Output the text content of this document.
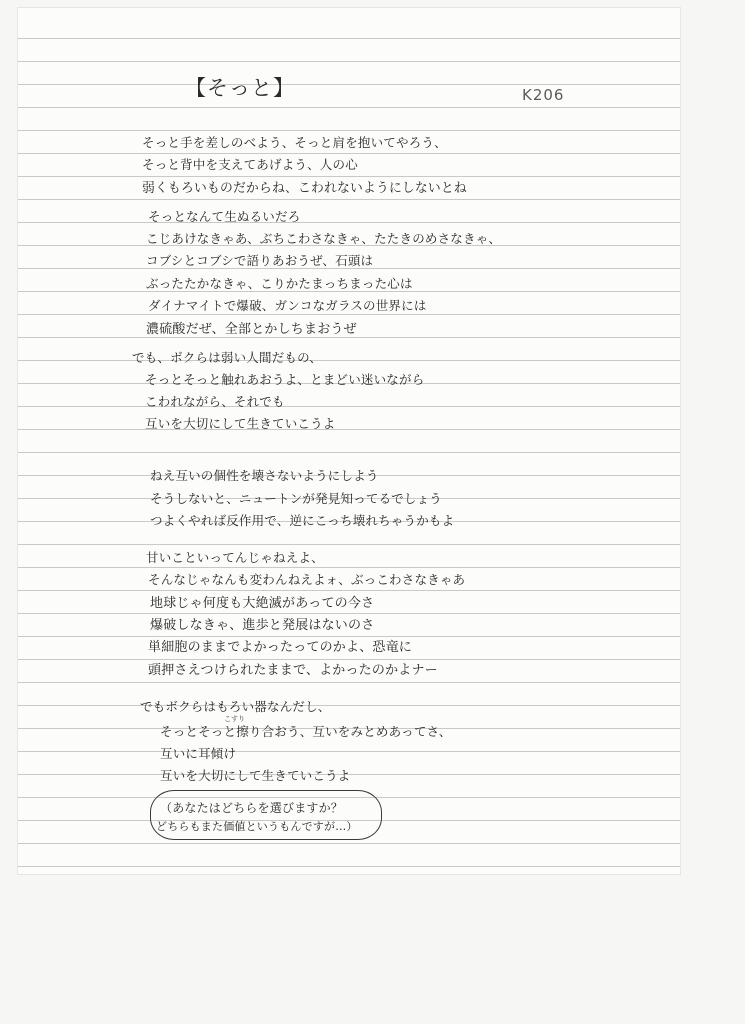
【そっと】	K206
そっと手を差しのべよう、そっと肩を抱いてやろう、
そっと背中を支えてあげよう、人の心
弱くもろいものだからね、こわれないようにしないとね
そっとなんて生ぬるいだろ
こじあけなきゃあ、ぶちこわさなきゃ、たたきのめさなきゃ、
コブシとコブシで語りあおうぜ、石頭は
ぶったたかなきゃ、こりかたまっちまった心は
ダイナマイトで爆破、ガンコなガラスの世界には
濃硫酸だぜ、全部とかしちまおうぜ
でも、ボクらは弱い人間だもの、
そっとそっと触れあおうよ、とまどい迷いながら
こわれながら、それでも
互いを大切にして生きていこうよ
ねえ互いの個性を壊さないようにしよう
そうしないと、ニュートンが発見知ってるでしょう
つよくやれば反作用で、逆にこっち壊れちゃうかもよ
甘いこといってんじゃねえよ、
そんなじゃなんも変わんねえよォ、ぶっこわさなきゃあ
地球じゃ何度も大絶滅があっての今さ
爆破しなきゃ、進歩と発展はないのさ
単細胞のままでよかったってのかよ、恐竜に
頭押さえつけられたままで、よかったのかよナー
でもボクらはもろい器なんだし、
こすり
そっとそっと擦り合おう、互いをみとめあってさ、
互いに耳傾け
互いを大切にして生きていこうよ
（あなたはどちらを選びますか？
どちらもまた価値というもんですが…）
